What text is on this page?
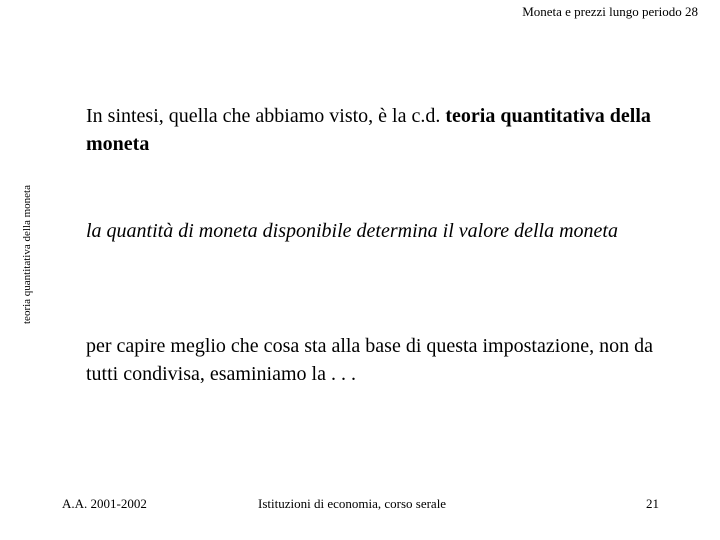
Moneta e prezzi lungo periodo 28
teoria quantitativa della moneta
In sintesi, quella che abbiamo visto, è la c.d. teoria quantitativa della moneta
la quantità di moneta disponibile determina il valore della moneta
per capire meglio che cosa sta alla base di questa impostazione, non da tutti condivisa, esaminiamo la . . .
A.A. 2001-2002	Istituzioni di economia, corso serale	21
